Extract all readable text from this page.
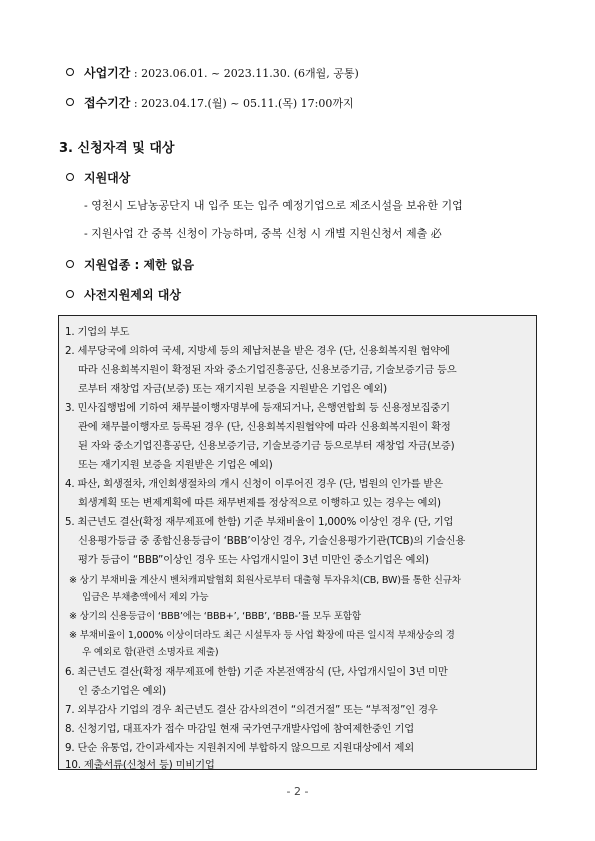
사업기간 : 2023.06.01. ~ 2023.11.30. (6개월, 공통)
접수기간 : 2023.04.17.(월) ~ 05.11.(목) 17:00까지
3. 신청자격 및 대상
지원대상
- 영천시 도남농공단지 내 입주 또는 입주 예정기업으로 제조시설을 보유한 기업
- 지원사업 간 중복 신청이 가능하며, 중복 신청 시 개별 지원신청서 제출 必
지원업종 : 제한 없음
사전지원제외 대상
1. 기업의 부도
2. 세무당국에 의하여 국세, 지방세 등의 체납처분을 받은 경우 (단, 신용회복지원 협약에
따라 신용회복지원이 확정된 자와 중소기업진흥공단, 신용보증기금, 기술보증기금 등으
로부터 재창업 자금(보증) 또는 재기지원 보증을 지원받은 기업은 예외)
3. 민사집행법에 기하여 채무불이행자명부에 등재되거나, 은행연합회 등 신용정보집중기
관에 채무불이행자로 등록된 경우 (단, 신용회복지원협약에 따라 신용회복지원이 확정
된 자와 중소기업진흥공단, 신용보증기금, 기술보증기금 등으로부터 재창업 자금(보증)
또는 재기지원 보증을 지원받은 기업은 예외)
4. 파산, 회생절차, 개인회생절차의 개시 신청이 이루어진 경우 (단, 법원의 인가를 받은
회생계획 또는 변제계획에 따른 채무변제를 정상적으로 이행하고 있는 경우는 예외)
5. 최근년도 결산(확정 재무제표에 한함) 기준 부채비율이 1,000% 이상인 경우 (단, 기업
신용평가등급 중 종합신용등급이 ‘BBB’이상인 경우, 기술신용평가기관(TCB)의 기술신용
평가 등급이 “BBB”이상인 경우 또는 사업개시일이 3년 미만인 중소기업은 예외)
※ 상기 부채비율 계산시 벤처캐피탈협회 회원사로부터 대출형 투자유치(CB, BW)를 통한 신규차
입금은 부채총액에서 제외 가능
※ 상기의 신용등급이 ‘BBB’에는 ‘BBB+’, ‘BBB’, ‘BBB-’를 모두 포함함
※ 부채비율이 1,000% 이상이더라도 최근 시설투자 등 사업 확장에 따른 일시적 부채상승의 경
우 예외로 함(관련 소명자료 제출)
6. 최근년도 결산(확정 재무제표에 한함) 기준 자본전액잠식 (단, 사업개시일이 3년 미만
인 중소기업은 예외)
7. 외부감사 기업의 경우 최근년도 결산 감사의견이 “의견거절” 또는 “부적정”인 경우
8. 신청기업, 대표자가 접수 마감일 현재 국가연구개발사업에 참여제한중인 기업
9. 단순 유통업, 간이과세자는 지원취지에 부합하지 않으므로 지원대상에서 제외
10. 제출서류(신청서 등) 미비기업
- 2 -
